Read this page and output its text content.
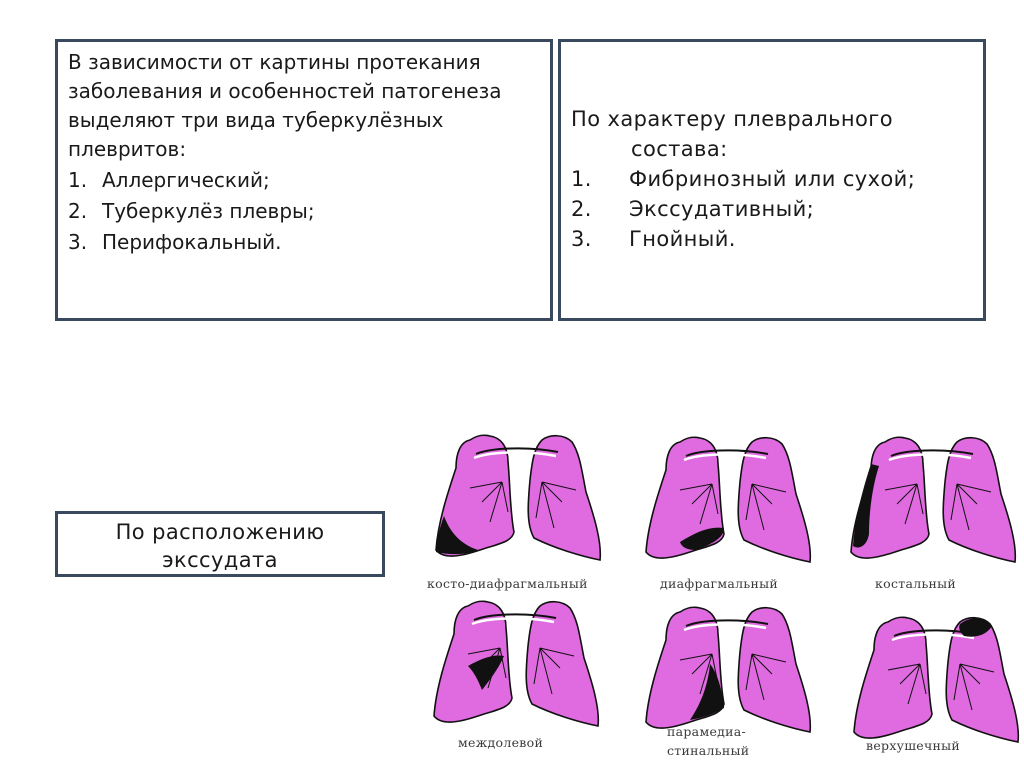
В зависимости от картины протекания заболевания и особенностей патогенеза выделяют три вида туберкулёзных плевритов:
1. Аллергический;
2. Туберкулёз плевры;
3. Перифокальный.
По характеру плеврального
состава:
1.	Фибринозный или сухой;
2.	Экссудативный;
3.	Гнойный.
По расположению
экссудата
косто-диафрагмальный	диафрагмальный	костальный
междолевой
парамедиа-
стинальный	верхушечный
